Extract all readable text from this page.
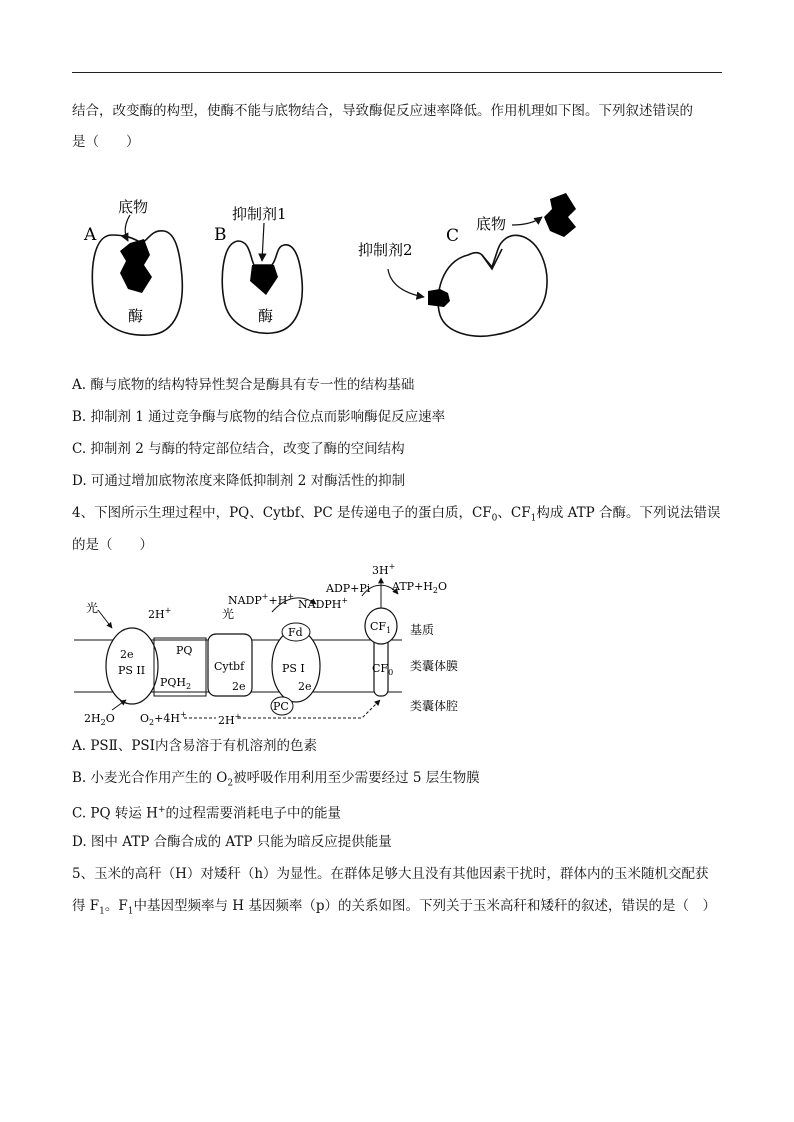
结合，改变酶的构型，使酶不能与底物结合，导致酶促反应速率降低。作用机理如下图。下列叙述错误的
是（　　）
A
底物
酶
B
抑制剂1
酶
C
抑制剂2
底物
A. 酶与底物的结构特异性契合是酶具有专一性的结构基础
B. 抑制剂 1 通过竞争酶与底物的结合位点而影响酶促反应速率
C. 抑制剂 2 与酶的特定部位结合，改变了酶的空间结构
D. 可通过增加底物浓度来降低抑制剂 2 对酶活性的抑制
4、下图所示生理过程中，PQ、Cytbf、PC 是传递电子的蛋白质，$CF_0$、$CF_1$构成 ATP 合酶。下列说法错误
的是（　　）
2e
PS II
PQ
$PQH_2$
Cytbf
2e
PS I
2e
Fd
PC
$CF_1$
$CF_0$
光	2H+
NADP++H+
光
NADPH+
ADP+Pi $ATP+H_2O$
3H+
$2H_2O$ $O_2+4H^+$	2H+
基质
类囊体膜
类囊体腔
A. PSⅡ、PSⅠ内含易溶于有机溶剂的色素
B. 小麦光合作用产生的 $O_2$被呼吸作用利用至少需要经过 5 层生物膜
C. PQ 转运 H+的过程需要消耗电子中的能量
D. 图中 ATP 合酶合成的 ATP 只能为暗反应提供能量
5、玉米的高秆（H）对矮秆（h）为显性。在群体足够大且没有其他因素干扰时，群体内的玉米随机交配获
得 $F_1$。$F_1$中基因型频率与 H 基因频率（p）的关系如图。下列关于玉米高秆和矮秆的叙述，错误的是（　）
